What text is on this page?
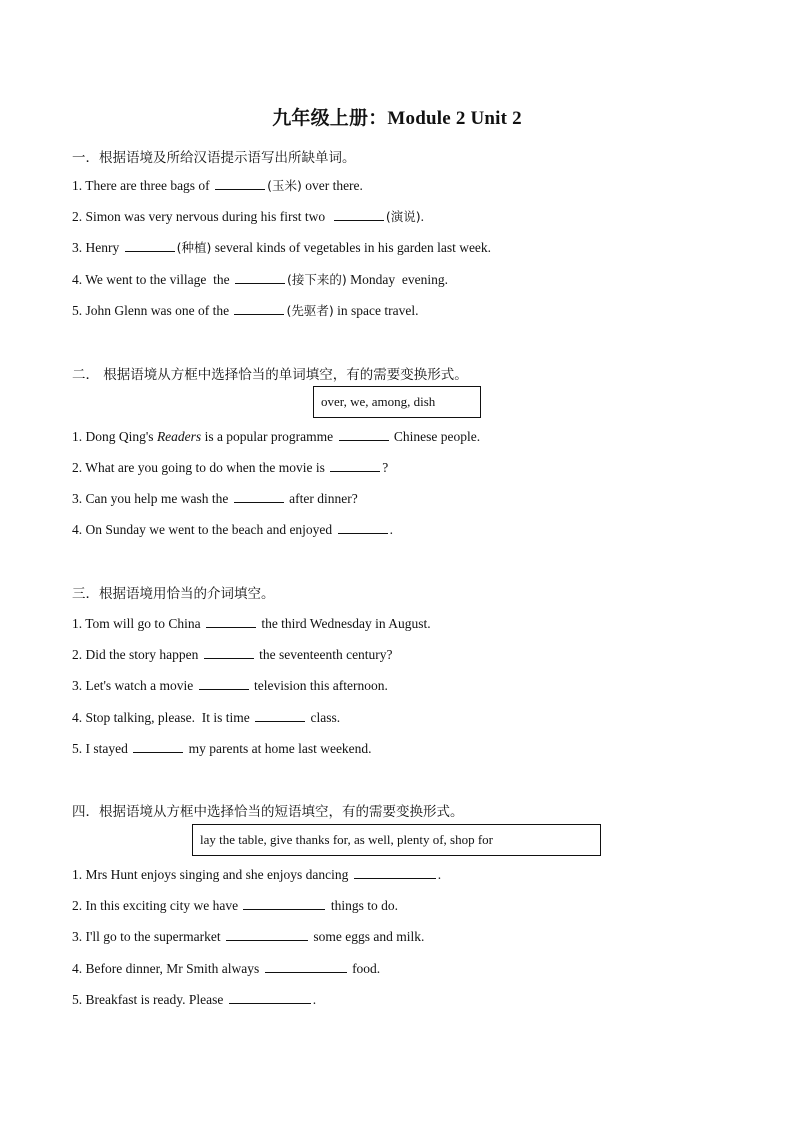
九年级上册：Module 2 Unit 2
一．根据语境及所给汉语提示语写出所缺单词。
1. There are three bags of	(玉米) over there.
2. Simon was very nervous during his first two	(演说).
3. Henry	(种植) several kinds of vegetables in his garden last week.
4. We went to the village  the	(接下来的) Monday  evening.
5. John Glenn was one of the	(先驱者) in space travel.
二． 根据语境从方框中选择恰当的单词填空，有的需要变换形式。
over, we, among, dish
1. Dong Qing's Readers is a popular programme	Chinese people.
2. What are you going to do when the movie is	?
3. Can you help me wash the	after dinner?
4. On Sunday we went to the beach and enjoyed	.
三．根据语境用恰当的介词填空。
1. Tom will go to China	the third Wednesday in August.
2. Did the story happen	the seventeenth century?
3. Let's watch a movie	television this afternoon.
4. Stop talking, please.  It is time	class.
5. I stayed	my parents at home last weekend.
四．根据语境从方框中选择恰当的短语填空，有的需要变换形式。
lay the table, give thanks for, as well, plenty of, shop for
1. Mrs Hunt enjoys singing and she enjoys dancing	.
2. In this exciting city we have	things to do.
3. I'll go to the supermarket	some eggs and milk.
4. Before dinner, Mr Smith always	food.
5. Breakfast is ready. Please	.
